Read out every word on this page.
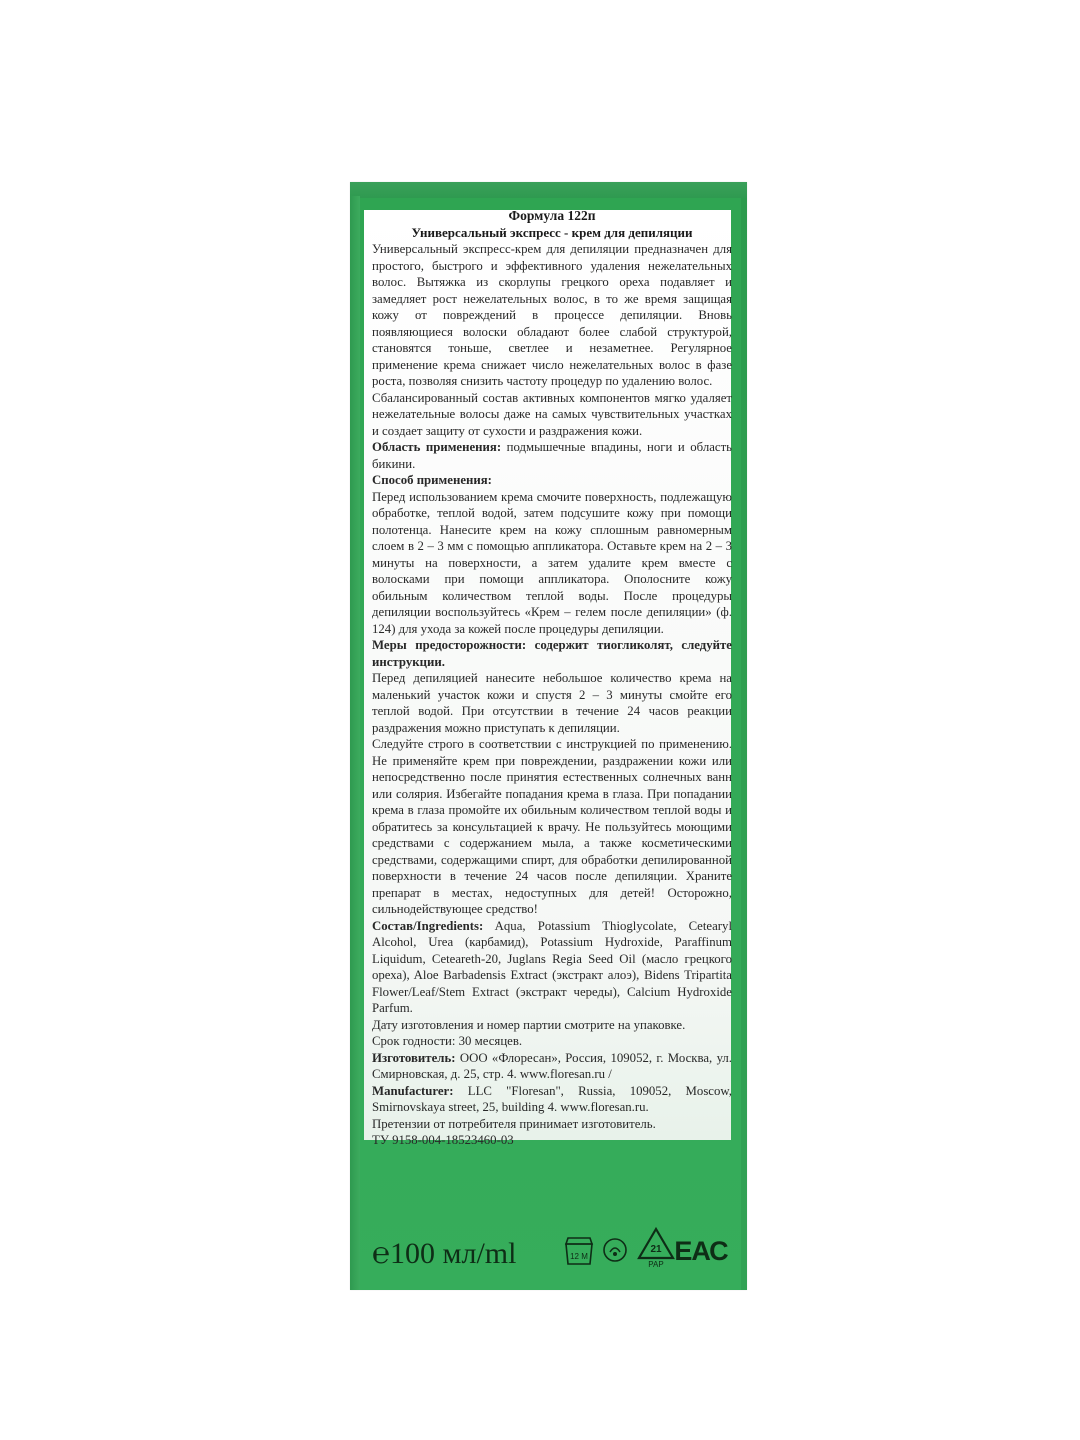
Формула 122п

Универсальный экспресс - крем для депиляции

Универсальный экспресс-крем для депиляции предназначен для простого, быстрого и эффективного удаления нежелательных волос. Вытяжка из скорлупы грецкого ореха подавляет и замедляет рост нежелательных волос, в то же время защищая кожу от повреждений в процессе депиляции. Вновь появляющиеся волоски обладают более слабой структурой, становятся тоньше, светлее и незаметнее. Регулярное применение крема снижает число нежелательных волос в фазе роста, позволяя снизить частоту процедур по удалению волос.

Сбалансированный состав активных компонентов мягко удаляет нежелательные волосы даже на самых чувствительных участках и создает защиту от сухости и раздражения кожи.

Область применения: подмышечные впадины, ноги и область бикини.

Способ применения:

Перед использованием крема смочите поверхность, подлежащую обработке, теплой водой, затем подсушите кожу при помощи полотенца. Нанесите крем на кожу сплошным равномерным слоем в 2 – 3 мм с помощью аппликатора. Оставьте крем на 2 – 3 минуты на поверхности, а затем удалите крем вместе с волосками при помощи аппликатора. Ополосните кожу обильным количеством теплой воды. После процедуры депиляции воспользуйтесь «Крем – гелем после депиляции» (ф. 124) для ухода за кожей после процедуры депиляции.

Меры предосторожности: содержит тиогликолят, следуйте инструкции.

Перед депиляцией нанесите небольшое количество крема на маленький участок кожи и спустя 2 – 3 минуты смойте его теплой водой. При отсутствии в течение 24 часов реакции раздражения можно приступать к депиляции.

Следуйте строго в соответствии с инструкцией по применению. Не применяйте крем при повреждении, раздражении кожи или непосредственно после принятия естественных солнечных ванн или солярия. Избегайте попадания крема в глаза. При попадании крема в глаза промойте их обильным количеством теплой воды и обратитесь за консультацией к врачу. Не пользуйтесь моющими средствами с содержанием мыла, а также косметическими средствами, содержащими спирт, для обработки депилированной поверхности в течение 24 часов после депиляции. Храните препарат в местах, недоступных для детей! Осторожно, сильнодействующее средство!

Состав/Ingredients: Aqua, Potassium Thioglycolate, Cetearyl Alcohol, Urea (карбамид), Potassium Hydroxide, Paraffinum Liquidum, Ceteareth-20, Juglans Regia Seed Oil (масло грецкого ореха), Aloe Barbadensis Extract (экстракт алоэ), Bidens Tripartita Flower/Leaf/Stem Extract (экстракт череды), Calcium Hydroxide Parfum.

Дату изготовления и номер партии смотрите на упаковке.

Срок годности: 30 месяцев.

Изготовитель: ООО «Флоресан», Россия, 109052, г. Москва, ул. Смирновская, д. 25, стр. 4. www.floresan.ru /

Manufacturer: LLC "Floresan", Russia, 109052, Moscow, Smirnovskaya street, 25, building 4. www.floresan.ru.

Претензии от потребителя принимает изготовитель.

ТУ 9158-004-18523460-03

℮100 мл/ml	12 M
21
PAP ЕАС
